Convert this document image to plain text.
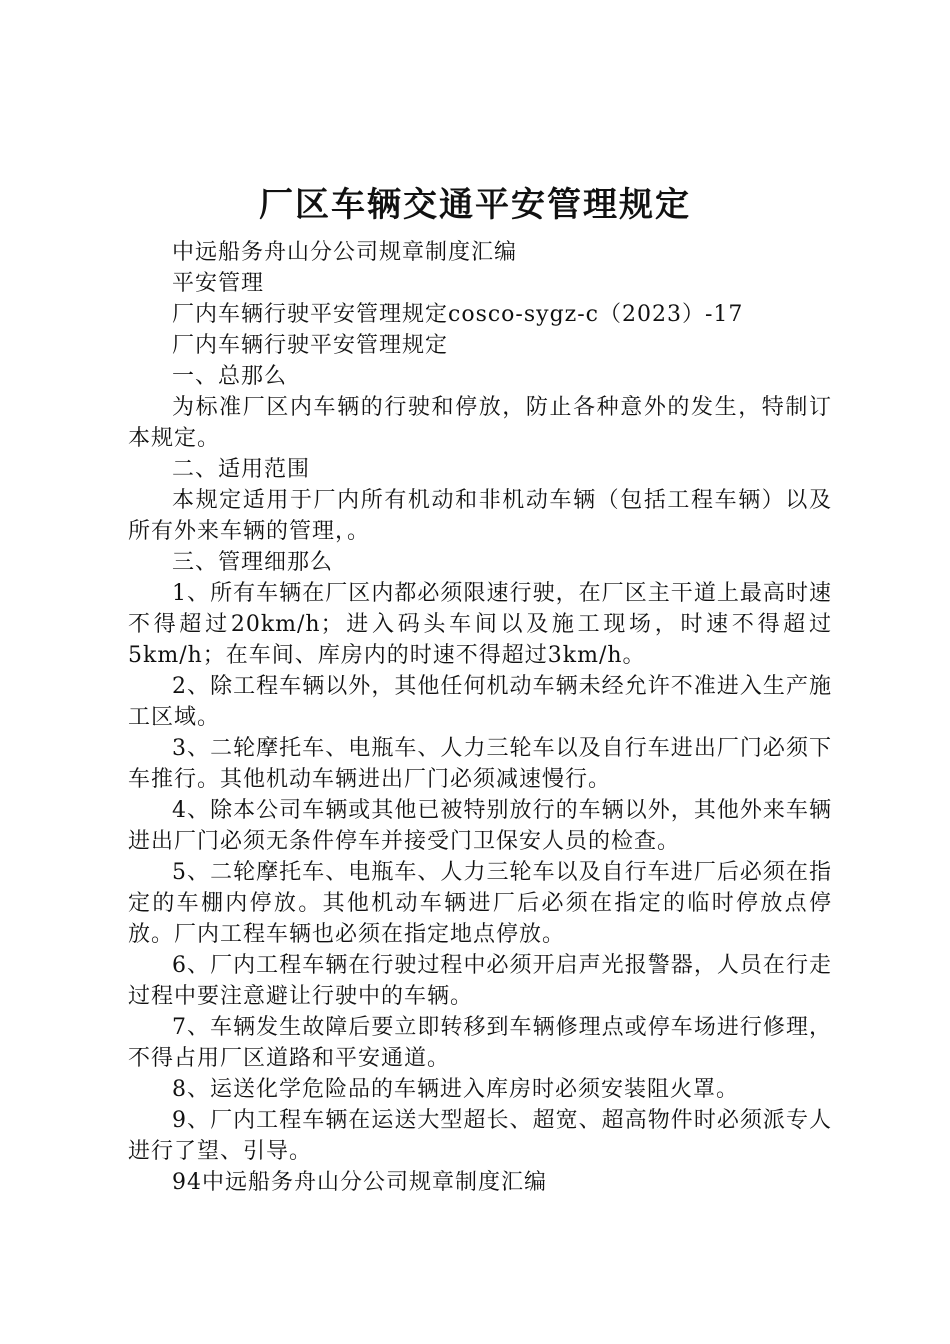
厂区车辆交通平安管理规定

中远船务舟山分公司规章制度汇编

平安管理

厂内车辆行驶平安管理规定cosco-sygz-c（2023）-17

厂内车辆行驶平安管理规定

一、总那么

为标准厂区内车辆的行驶和停放，防止各种意外的发生，特制订本规定。

二、适用范围

本规定适用于厂内所有机动和非机动车辆（包括工程车辆）以及所有外来车辆的管理，。

三、管理细那么

1、所有车辆在厂区内都必须限速行驶，在厂区主干道上最高时速不得超过20km/h；进入码头车间以及施工现场，时速不得超过5km/h；在车间、库房内的时速不得超过3km/h。

2、除工程车辆以外，其他任何机动车辆未经允许不准进入生产施工区域。

3、二轮摩托车、电瓶车、人力三轮车以及自行车进出厂门必须下车推行。其他机动车辆进出厂门必须减速慢行。

4、除本公司车辆或其他已被特别放行的车辆以外，其他外来车辆进出厂门必须无条件停车并接受门卫保安人员的检查。

5、二轮摩托车、电瓶车、人力三轮车以及自行车进厂后必须在指定的车棚内停放。其他机动车辆进厂后必须在指定的临时停放点停放。厂内工程车辆也必须在指定地点停放。

6、厂内工程车辆在行驶过程中必须开启声光报警器，人员在行走过程中要注意避让行驶中的车辆。

7、车辆发生故障后要立即转移到车辆修理点或停车场进行修理，不得占用厂区道路和平安通道。

8、运送化学危险品的车辆进入库房时必须安装阻火罩。

9、厂内工程车辆在运送大型超长、超宽、超高物件时必须派专人进行了望、引导。

94中远船务舟山分公司规章制度汇编
